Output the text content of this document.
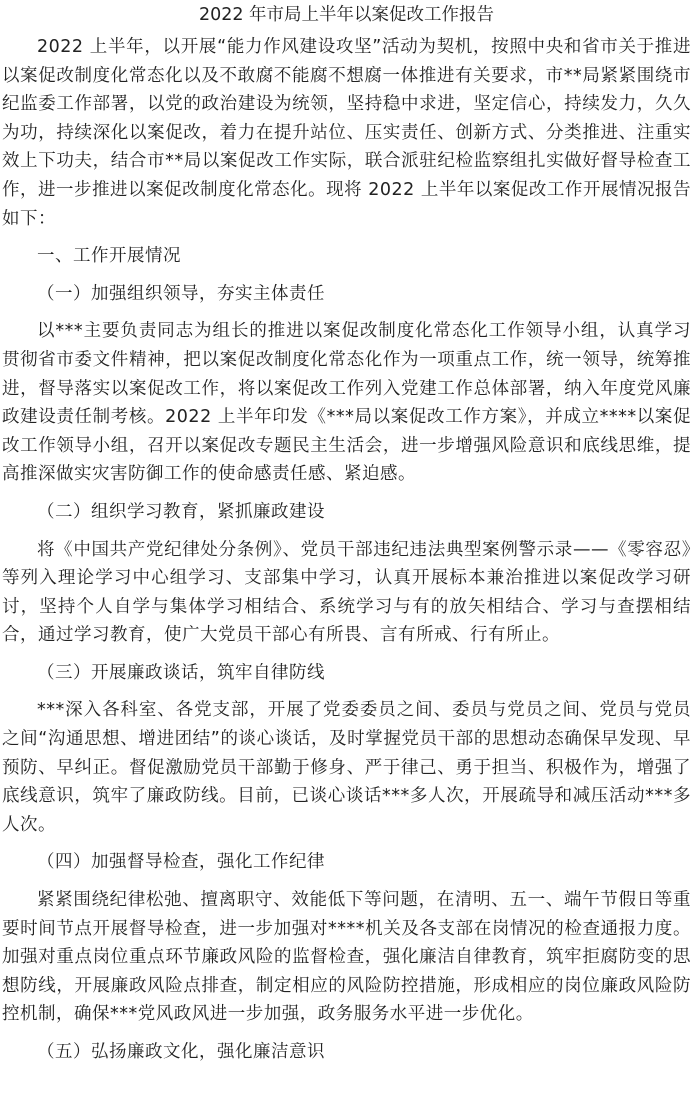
2022 年市局上半年以案促改工作报告

2022 上半年，以开展“能力作风建设攻坚”活动为契机，按照中央和省市关于推进以案促改制度化常态化以及不敢腐不能腐不想腐一体推进有关要求，市**局紧紧围绕市纪监委工作部署，以党的政治建设为统领，坚持稳中求进，坚定信心，持续发力，久久为功，持续深化以案促改，着力在提升站位、压实责任、创新方式、分类推进、注重实效上下功夫，结合市**局以案促改工作实际，联合派驻纪检监察组扎实做好督导检查工作，进一步推进以案促改制度化常态化。现将 2022 上半年以案促改工作开展情况报告如下：

一、工作开展情况

（一）加强组织领导，夯实主体责任

以***主要负责同志为组长的推进以案促改制度化常态化工作领导小组，认真学习贯彻省市委文件精神，把以案促改制度化常态化作为一项重点工作，统一领导，统筹推进，督导落实以案促改工作，将以案促改工作列入党建工作总体部署，纳入年度党风廉政建设责任制考核。2022 上半年印发《***局以案促改工作方案》，并成立****以案促改工作领导小组，召开以案促改专题民主生活会，进一步增强风险意识和底线思维，提高推深做实灾害防御工作的使命感责任感、紧迫感。

（二）组织学习教育，紧抓廉政建设

将《中国共产党纪律处分条例》、党员干部违纪违法典型案例警示录——《零容忍》等列入理论学习中心组学习、支部集中学习，认真开展标本兼治推进以案促改学习研讨，坚持个人自学与集体学习相结合、系统学习与有的放矢相结合、学习与查摆相结合，通过学习教育，使广大党员干部心有所畏、言有所戒、行有所止。

（三）开展廉政谈话，筑牢自律防线

***深入各科室、各党支部，开展了党委委员之间、委员与党员之间、党员与党员之间“沟通思想、增进团结”的谈心谈话，及时掌握党员干部的思想动态确保早发现、早预防、早纠正。督促激励党员干部勤于修身、严于律己、勇于担当、积极作为，增强了底线意识，筑牢了廉政防线。目前，已谈心谈话***多人次，开展疏导和减压活动***多人次。

（四）加强督导检查，强化工作纪律

紧紧围绕纪律松弛、擅离职守、效能低下等问题，在清明、五一、端午节假日等重要时间节点开展督导检查，进一步加强对****机关及各支部在岗情况的检查通报力度。加强对重点岗位重点环节廉政风险的监督检查，强化廉洁自律教育，筑牢拒腐防变的思想防线，开展廉政风险点排查，制定相应的风险防控措施，形成相应的岗位廉政风险防控机制，确保***党风政风进一步加强，政务服务水平进一步优化。

（五）弘扬廉政文化，强化廉洁意识
